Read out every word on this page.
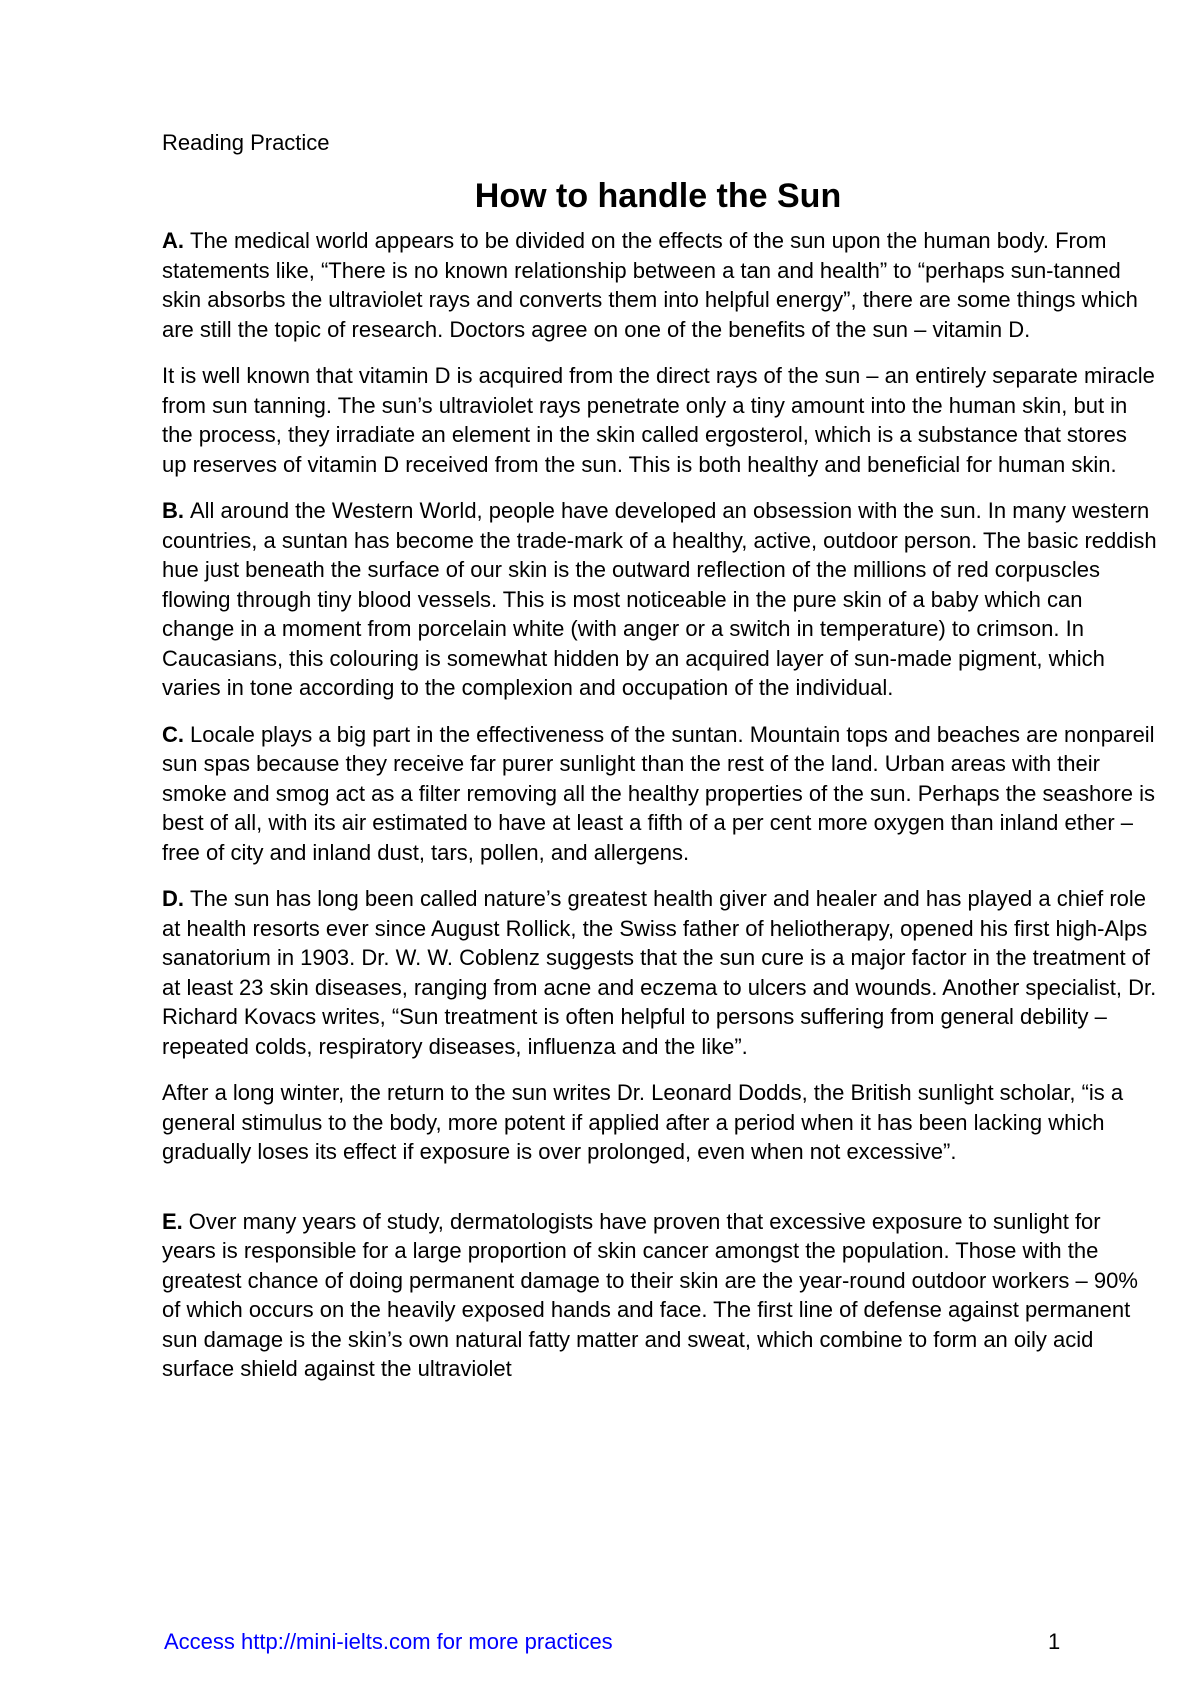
Reading Practice
How to handle the Sun

A. The medical world appears to be divided on the effects of the sun upon the human body. From statements like, “There is no known relationship between a tan and health” to “perhaps sun-tanned skin absorbs the ultraviolet rays and converts them into helpful energy”, there are some things which are still the topic of research. Doctors agree on one of the benefits of the sun – vitamin D.

It is well known that vitamin D is acquired from the direct rays of the sun – an entirely separate miracle from sun tanning. The sun’s ultraviolet rays penetrate only a tiny amount into the human skin, but in the process, they irradiate an element in the skin called ergosterol, which is a substance that stores up reserves of vitamin D received from the sun. This is both healthy and beneficial for human skin.

B. All around the Western World, people have developed an obsession with the sun. In many western countries, a suntan has become the trade-mark of a healthy, active, outdoor person. The basic reddish hue just beneath the surface of our skin is the outward reflection of the millions of red corpuscles flowing through tiny blood vessels. This is most noticeable in the pure skin of a baby which can change in a moment from porcelain white (with anger or a switch in temperature) to crimson. In Caucasians, this colouring is somewhat hidden by an acquired layer of sun-made pigment, which varies in tone according to the complexion and occupation of the individual.

C. Locale plays a big part in the effectiveness of the suntan. Mountain tops and beaches are nonpareil sun spas because they receive far purer sunlight than the rest of the land. Urban areas with their smoke and smog act as a filter removing all the healthy properties of the sun. Perhaps the seashore is best of all, with its air estimated to have at least a fifth of a per cent more oxygen than inland ether – free of city and inland dust, tars, pollen, and allergens.

D. The sun has long been called nature’s greatest health giver and healer and has played a chief role at health resorts ever since August Rollick, the Swiss father of heliotherapy, opened his first high-Alps sanatorium in 1903. Dr. W. W. Coblenz suggests that the sun cure is a major factor in the treatment of at least 23 skin diseases, ranging from acne and eczema to ulcers and wounds. Another specialist, Dr. Richard Kovacs writes, “Sun treatment is often helpful to persons suffering from general debility – repeated colds, respiratory diseases, influenza and the like”.

After a long winter, the return to the sun writes Dr. Leonard Dodds, the British sunlight scholar, “is a general stimulus to the body, more potent if applied after a period when it has been lacking which gradually loses its effect if exposure is over prolonged, even when not excessive”.

E. Over many years of study, dermatologists have proven that excessive exposure to sunlight for years is responsible for a large proportion of skin cancer amongst the population. Those with the greatest chance of doing permanent damage to their skin are the year-round outdoor workers – 90% of which occurs on the heavily exposed hands and face. The first line of defense against permanent sun damage is the skin’s own natural fatty matter and sweat, which combine to form an oily acid surface shield against the ultraviolet

Access http://mini-ielts.com for more practices	1
